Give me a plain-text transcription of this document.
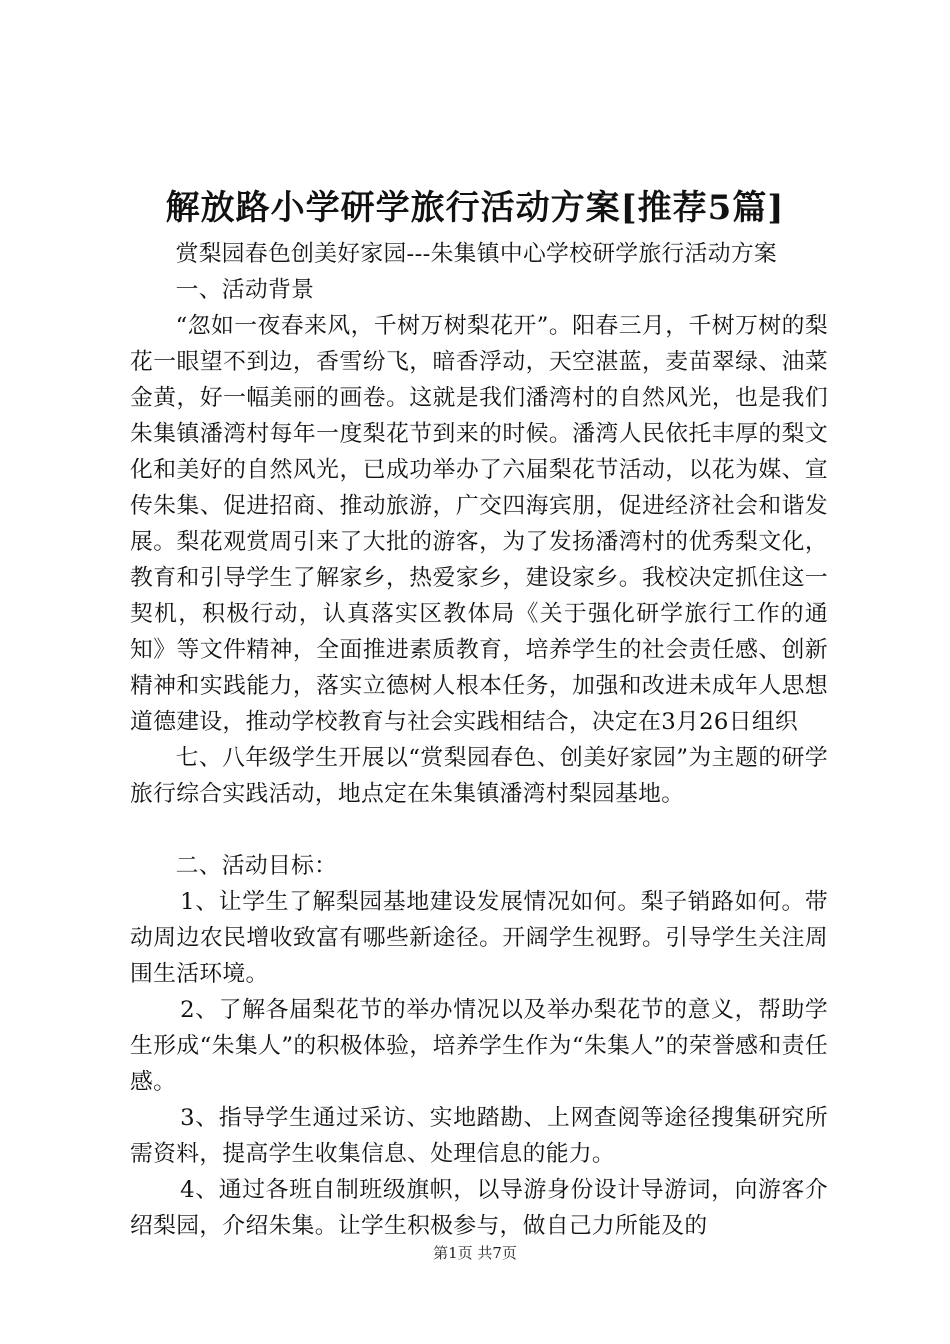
解放路小学研学旅行活动方案[推荐5篇]

赏梨园春色创美好家园---朱集镇中心学校研学旅行活动方案

一、活动背景

“忽如一夜春来风，千树万树梨花开”。阳春三月，千树万树的梨花一眼望不到边，香雪纷飞，暗香浮动，天空湛蓝，麦苗翠绿、油菜金黄，好一幅美丽的画卷。这就是我们潘湾村的自然风光，也是我们朱集镇潘湾村每年一度梨花节到来的时候。潘湾人民依托丰厚的梨文化和美好的自然风光，已成功举办了六届梨花节活动，以花为媒、宣传朱集、促进招商、推动旅游，广交四海宾朋，促进经济社会和谐发展。梨花观赏周引来了大批的游客，为了发扬潘湾村的优秀梨文化，教育和引导学生了解家乡，热爱家乡，建设家乡。我校决定抓住这一契机，积极行动，认真落实区教体局《关于强化研学旅行工作的通知》等文件精神，全面推进素质教育，培养学生的社会责任感、创新精神和实践能力，落实立德树人根本任务，加强和改进未成年人思想道德建设，推动学校教育与社会实践相结合，决定在3月26日组织

七、八年级学生开展以“赏梨园春色、创美好家园”为主题的研学旅行综合实践活动，地点定在朱集镇潘湾村梨园基地。

二、活动目标：

1、让学生了解梨园基地建设发展情况如何。梨子销路如何。带动周边农民增收致富有哪些新途径。开阔学生视野。引导学生关注周围生活环境。

2、了解各届梨花节的举办情况以及举办梨花节的意义，帮助学生形成“朱集人”的积极体验，培养学生作为“朱集人”的荣誉感和责任感。

3、指导学生通过采访、实地踏勘、上网查阅等途径搜集研究所需资料，提高学生收集信息、处理信息的能力。

4、通过各班自制班级旗帜，以导游身份设计导游词，向游客介绍梨园，介绍朱集。让学生积极参与，做自己力所能及的

第1页 共7页
